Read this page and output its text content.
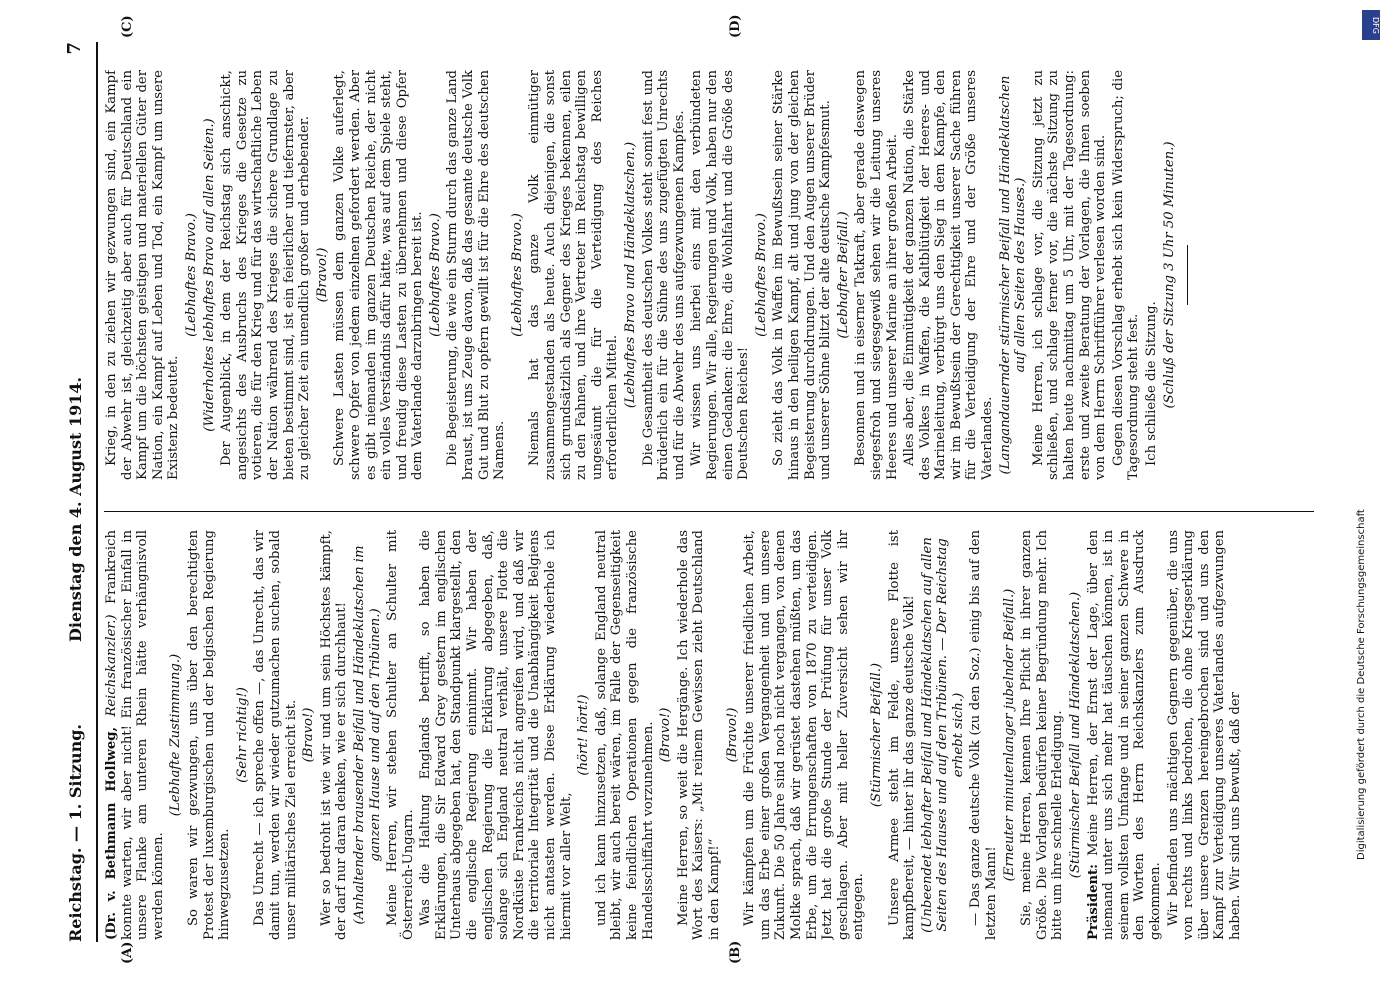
Reichstag. — 1. Sitzung.
Dienstag den 4. August 1914.
7
(A)	(B)
(C)	(D)

(Dr. v. Bethmann Hollweg, Reichskanzler.) Frankreich konnte warten, wir aber nicht! Ein französischer Einfall in unsere Flanke am unteren Rhein hätte verhängnisvoll werden können.

(Lebhafte Zustimmung.) So waren wir gezwungen, uns über den berechtigten Protest der luxemburgischen und der belgischen Regierung hinwegzusetzen.

(Sehr richtig!) Das Unrecht — ich spreche offen —, das Unrecht, das wir damit tun, werden wir wieder gutzumachen suchen, sobald unser militärisches Ziel erreicht ist. (Bravo!) Wer so bedroht ist wie wir und um sein Höchstes kämpft, der darf nur daran denken, wie er sich durchhaut! (Anhaltender brausender Beifall und Händeklatschen im ganzen Hause und auf den Tribünen.) Meine Herren, wir stehen Schulter an Schulter mit Österreich-Ungarn. Was die Haltung Englands betrifft, so haben die Erklärungen, die Sir Edward Grey gestern im englischen Unterhaus abgegeben hat, den Standpunkt klargestellt, den die englische Regierung einnimmt. Wir haben der englischen Regierung die Erklärung abgegeben, daß, solange sich England neutral verhält, unsere Flotte die Nordküste Frankreichs nicht angreifen wird, und daß wir die territoriale Integrität und die Unabhängigkeit Belgiens nicht antasten werden. Diese Erklärung wiederhole ich hiermit vor aller Welt,

(hört! hört!) und ich kann hinzusetzen, daß, solange England neutral bleibt, wir auch bereit wären, im Falle der Gegenseitigkeit keine feindlichen Operationen gegen die französische Handelsschiffahrt vorzunehmen. (Bravo!) Meine Herren, so weit die Hergänge. Ich wiederhole das Wort des Kaisers: „Mit reinem Gewissen zieht Deutschland in den Kampf!“

(Bravo!) Wir kämpfen um die Früchte unserer friedlichen Arbeit, um das Erbe einer großen Vergangenheit und um unsere Zukunft. Die 50 Jahre sind noch nicht vergangen, von denen Moltke sprach, daß wir gerüstet dastehen müßten, um das Erbe, um die Errungenschaften von 1870 zu verteidigen. Jetzt hat die große Stunde der Prüfung für unser Volk geschlagen. Aber mit heller Zuversicht sehen wir ihr entgegen.

(Stürmischer Beifall.) Unsere Armee steht im Felde, unsere Flotte ist kampfbereit, — hinter ihr das ganze deutsche Volk! (Unbeendet lebhafter Beifall und Händeklatschen auf allen Seiten des Hauses und auf den Tribünen. — Der Reichstag erhebt sich.) — Das ganze deutsche Volk (zu den Soz.) einig bis auf den letzten Mann!

(Erneuter minutenlanger jubelnder Beifall.) Sie, meine Herren, kennen Ihre Pflicht in ihrer ganzen Größe. Die Vorlagen bedürfen keiner Begründung mehr. Ich bitte um ihre schnelle Erledigung. (Stürmischer Beifall und Händeklatschen.)

Präsident: Meine Herren, der Ernst der Lage, über den niemand unter uns sich mehr hat täuschen können, ist in seinem vollsten Umfange und in seiner ganzen Schwere in den Worten des Herrn Reichskanzlers zum Ausdruck gekommen. Wir befinden uns mächtigen Gegnern gegenüber, die uns von rechts und links bedrohen, die ohne Kriegserklärung über unsere Grenzen hereingebrochen sind und uns den Kampf zur Verteidigung unseres Vaterlandes aufgezwungen haben. Wir sind uns bewußt, daß der

Krieg, in den zu ziehen wir gezwungen sind, ein Kampf der Abwehr ist, gleichzeitig aber auch für Deutschland ein Kampf um die höchsten geistigen und materiellen Güter der Nation, ein Kampf auf Leben und Tod, ein Kampf um unsere Existenz bedeutet.

(Lebhaftes Bravo.) (Widerholtes lebhaftes Bravo auf allen Seiten.) Der Augenblick, in dem der Reichstag sich anschickt, angesichts des Ausbruchs des Krieges die Gesetze zu votieren, die für den Krieg und für das wirtschaftliche Leben der Nation während des Krieges die sichere Grundlage zu bieten bestimmt sind, ist ein feierlicher und tiefernster, aber zu gleicher Zeit ein unendlich großer und erhebender. (Bravo!) Schwere Lasten müssen dem ganzen Volke auferlegt, schwere Opfer von jedem einzelnen gefordert werden. Aber es gibt niemanden im ganzen Deutschen Reiche, der nicht ein volles Verständnis dafür hätte, was auf dem Spiele steht, und freudig diese Lasten zu übernehmen und diese Opfer dem Vaterlande darzubringen bereit ist. (Lebhaftes Bravo.) Die Begeisterung, die wie ein Sturm durch das ganze Land braust, ist uns Zeuge davon, daß das gesamte deutsche Volk Gut und Blut zu opfern gewillt ist für die Ehre des deutschen Namens.

(Lebhaftes Bravo.) Niemals hat das ganze Volk einmütiger zusammengestanden als heute. Auch diejenigen, die sonst sich grundsätzlich als Gegner des Krieges bekennen, eilen zu den Fahnen, und ihre Vertreter im Reichstag bewilligen ungesäumt die für die Verteidigung des Reiches erforderlichen Mittel. (Lebhaftes Bravo und Händeklatschen.) Die Gesamtheit des deutschen Volkes steht somit fest und brüderlich ein für die Sühne des uns zugefügten Unrechts und für die Abwehr des uns aufgezwungenen Kampfes. Wir wissen uns hierbei eins mit den verbündeten Regierungen. Wir alle, Regierungen und Volk, haben nur den einen Gedanken: die Ehre, die Wohlfahrt und die Größe des Deutschen Reiches!

(Lebhaftes Bravo.) So zieht das Volk in Waffen im Bewußtsein seiner Stärke hinaus in den heiligen Kampf, alt und jung von der gleichen Begeisterung durchdrungen. Und den Augen unserer Brüder und unserer Söhne blitzt der alte deutsche Kampfesmut. (Lebhafter Beifall.) Besonnen und in eiserner Tatkraft, aber gerade deswegen siegesfroh und siegesgewiß sehen wir die Leitung unseres Heeres und unserer Marine an ihrer großen Arbeit. Alles aber, die Einmütigkeit der ganzen Nation, die Stärke des Volkes in Waffen, die Kaltblütigkeit der Heeres- und Marineleitung, verbürgt uns den Sieg in dem Kampfe, den wir im Bewußtsein der Gerechtigkeit unserer Sache führen für die Verteidigung der Ehre und der Größe unseres Vaterlandes. (Langandauernder stürmischer Beifall und Händeklatschen auf allen Seiten des Hauses.) Meine Herren, ich schlage vor, die Sitzung jetzt zu schließen, und schlage ferner vor, die nächste Sitzung zu halten heute nachmittag um 5 Uhr, mit der Tagesordnung: erste und zweite Beratung der Vorlagen, die Ihnen soeben von dem Herrn Schriftführer verlesen worden sind. Gegen diesen Vorschlag erhebt sich kein Widerspruch; die Tagesordnung steht fest. Ich schließe die Sitzung. (Schluß der Sitzung 3 Uhr 50 Minuten.)

DFG
Digitalisierung gefördert durch die Deutsche Forschungsgemeinschaft
